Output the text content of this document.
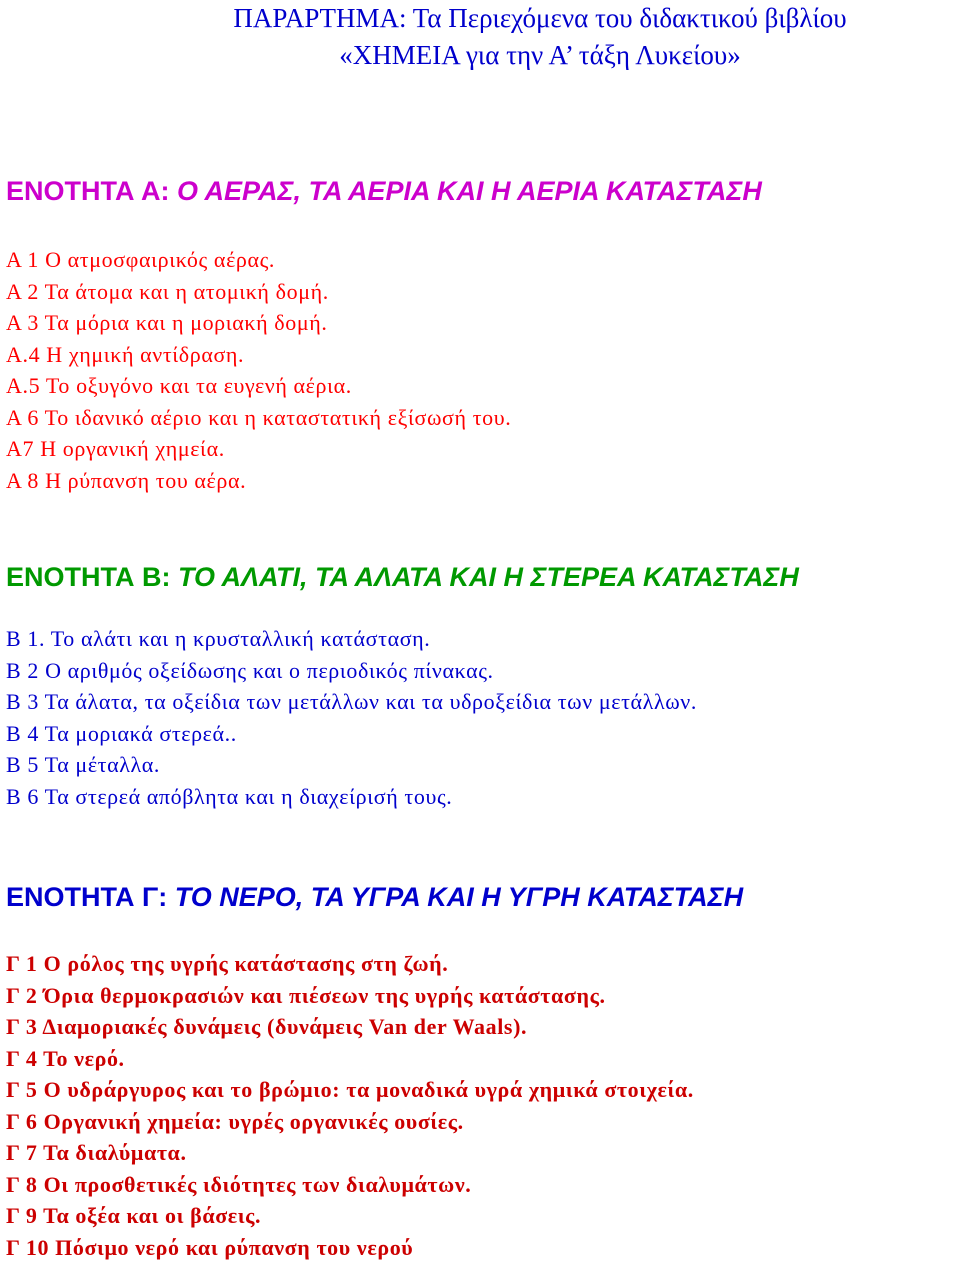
ΠΑΡΑΡΤΗΜΑ: Τα Περιεχόμενα του διδακτικού βιβλίου
«ΧΗΜΕΙΑ για την Α’ τάξη Λυκείου»
ΕΝΟΤΗΤΑ Α: Ο ΑΕΡΑΣ, ΤΑ ΑΕΡΙΑ ΚΑΙ Η ΑΕΡΙΑ ΚΑΤΑΣΤΑΣΗ
Α 1 Ο ατμοσφαιρικός αέρας.
Α 2 Τα άτομα και η ατομική δομή.
Α 3 Τα μόρια και η μοριακή δομή.
Α.4 Η χημική αντίδραση.
Α.5 Το οξυγόνο και τα ευγενή αέρια.
Α 6 Το ιδανικό αέριο και η καταστατική εξίσωσή του.
Α7 Η οργανική χημεία.
Α 8 Η ρύπανση του αέρα.
ΕΝΟΤΗΤΑ Β: ΤΟ ΑΛΑΤΙ, ΤΑ ΑΛΑΤΑ ΚΑΙ Η ΣΤΕΡΕΑ ΚΑΤΑΣΤΑΣΗ
Β 1. Το αλάτι και η κρυσταλλική κατάσταση.
Β 2 Ο αριθμός οξείδωσης και ο περιοδικός πίνακας.
Β 3 Τα άλατα, τα οξείδια των μετάλλων και τα υδροξείδια των μετάλλων.
Β 4 Τα μοριακά στερεά..
Β 5 Τα μέταλλα.
Β 6 Τα στερεά απόβλητα και η διαχείρισή τους.
ΕΝΟΤΗΤΑ Γ: ΤΟ ΝΕΡΟ, ΤΑ ΥΓΡΑ ΚΑΙ Η ΥΓΡΗ ΚΑΤΑΣΤΑΣΗ
Γ 1 Ο ρόλος της υγρής κατάστασης στη ζωή.
Γ 2 Όρια θερμοκρασιών και πιέσεων της υγρής κατάστασης.
Γ 3 Διαμοριακές δυνάμεις (δυνάμεις Van der Waals).
Γ 4 Το νερό.
Γ 5 Ο υδράργυρος και το βρώμιο: τα μοναδικά υγρά χημικά στοιχεία.
Γ 6 Οργανική χημεία: υγρές οργανικές ουσίες.
Γ 7 Τα διαλύματα.
Γ 8 Οι προσθετικές ιδιότητες των διαλυμάτων.
Γ 9 Τα οξέα και οι βάσεις.
Γ 10 Πόσιμο νερό και ρύπανση του νερού
